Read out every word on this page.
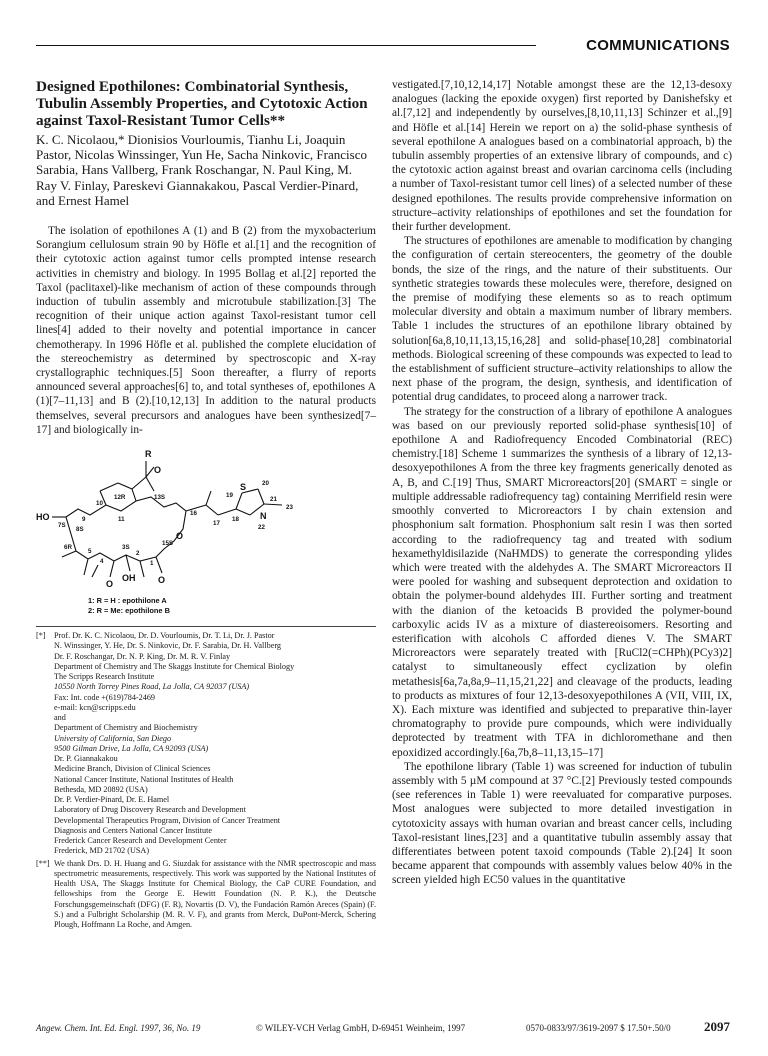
COMMUNICATIONS
Designed Epothilones: Combinatorial Synthesis, Tubulin Assembly Properties, and Cytotoxic Action against Taxol-Resistant Tumor Cells**

K. C. Nicolaou,* Dionisios Vourloumis, Tianhu Li, Joaquin Pastor, Nicolas Winssinger, Yun He, Sacha Ninkovic, Francisco Sarabia, Hans Vallberg, Frank Roschangar, N. Paul King, M. Ray V. Finlay, Pareskevi Giannakakou, Pascal Verdier-Pinard, and Ernest Hamel

The isolation of epothilones A (1) and B (2) from the myxobacterium Sorangium cellulosum strain 90 by Höfle et al.[1] and the recognition of their cytotoxic action against tumor cells prompted intense research activities in chemistry and biology. In 1995 Bollag et al.[2] reported the Taxol (paclitaxel)-like mechanism of action of these compounds through induction of tubulin assembly and microtubule stabilization.[3] The recognition of their unique action against Taxol-resistant tumor cell lines[4] added to their novelty and potential importance in cancer chemotherapy. In 1996 Höfle et al. published the complete elucidation of the stereochemistry as determined by spectroscopic and X-ray crystallographic techniques.[5] Soon thereafter, a flurry of reports announced several approaches[6] to, and total syntheses of, epothilones A (1)[7–11,13] and B (2).[10,12,13] In addition to the natural products themselves, several precursors and analogues have been synthesized[7–17] and biologically in-

R
O
S
N
HO
OH
O
O	O
12R	13S
15S
16
17
18
19
20
21
22
23
10
9	11
8S
7S
6R
5
4
3S
2
1
1: R = H : epothilone A
2: R = Me: epothilone B
[*]	Prof. Dr. K. C. Nicolaou, Dr. D. Vourloumis, Dr. T. Li, Dr. J. Pastor
N. Winssinger, Y. He, Dr. S. Ninkovic, Dr. F. Sarabia, Dr. H. Vallberg
Dr. F. Roschangar, Dr. N. P. King, Dr. M. R. V. Finlay
Department of Chemistry and The Skaggs Institute for Chemical Biology
The Scripps Research Institute
10550 North Torrey Pines Road, La Jolla, CA 92037 (USA)
Fax: Int. code +(619)784-2469
e-mail: kcn@scripps.edu
and
Department of Chemistry and Biochemistry
University of California, San Diego
9500 Gilman Drive, La Jolla, CA 92093 (USA)
Dr. P. Giannakakou
Medicine Branch, Division of Clinical Sciences
National Cancer Institute, National Institutes of Health
Bethesda, MD 20892 (USA)
Dr. P. Verdier-Pinard, Dr. E. Hamel
Laboratory of Drug Discovery Research and Development
Developmental Therapeutics Program, Division of Cancer Treatment
Diagnosis and Centers National Cancer Institute
Frederick Cancer Research and Development Center
Frederick, MD 21702 (USA)
[**] We thank Drs. D. H. Huang and G. Siuzdak for assistance with the NMR spectroscopic and mass spectrometric measurements, respectively. This work was supported by the National Institutes of Health USA, The Skaggs Institute for Chemical Biology, the CaP CURE Foundation, and fellowships from the George E. Hewitt Foundation (N. P. K.), the Deutsche Forschungsgemeinschaft (DFG) (F. R), Novartis (D. V), the Fundación Ramón Areces (Spain) (F. S.) and a Fulbright Scholarship (M. R. V. F), and grants from Merck, DuPont-Merck, Schering Plough, Hoffmann La Roche, and Amgen.

vestigated.[7,10,12,14,17] Notable amongst these are the 12,13-desoxy analogues (lacking the epoxide oxygen) first reported by Danishefsky et al.[7,12] and independently by ourselves,[8,10,11,13] Schinzer et al.,[9] and Höfle et al.[14] Herein we report on a) the solid-phase synthesis of several epothilone A analogues based on a combinatorial approach, b) the tubulin assembly properties of an extensive library of compounds, and c) the cytotoxic action against breast and ovarian carcinoma cells (including a number of Taxol-resistant tumor cell lines) of a selected number of these designed epothilones. The results provide comprehensive information on structure–activity relationships of epothilones and set the foundation for their further development.

The structures of epothilones are amenable to modification by changing the configuration of certain stereocenters, the geometry of the double bonds, the size of the rings, and the nature of their substituents. Our synthetic strategies towards these molecules were, therefore, designed on the premise of modifying these elements so as to reach optimum molecular diversity and obtain a maximum number of library members. Table 1 includes the structures of an epothilone library obtained by solution[6a,8,10,11,13,15,16,28] and solid-phase[10,28] combinatorial methods. Biological screening of these compounds was expected to lead to the establishment of sufficient structure–activity relationships to allow the next phase of the program, the design, synthesis, and identification of potential drug candidates, to proceed along a narrower track.

The strategy for the construction of a library of epothilone A analogues was based on our previously reported solid-phase synthesis[10] of epothilone A and Radiofrequency Encoded Combinatorial (REC) chemistry.[18] Scheme 1 summarizes the synthesis of a library of 12,13-desoxyepothilones A from the three key fragments generically denoted as A, B, and C.[19] Thus, SMART Microreactors[20] (SMART = single or multiple addressable radiofrequency tag) containing Merrifield resin were smoothly converted to Microreactors I by chain extension and phosphonium salt formation. Phosphonium salt resin I was then sorted according to the radiofrequency tag and treated with sodium hexamethyldisilazide (NaHMDS) to generate the corresponding ylides which were treated with the aldehydes A. The SMART Microreactors II were pooled for washing and subsequent deprotection and oxidation to obtain the polymer-bound aldehydes III. Further sorting and treatment with the dianion of the ketoacids B provided the polymer-bound carboxylic acids IV as a mixture of diastereoisomers. Resorting and esterification with alcohols C afforded dienes V. The SMART Microreactors were separately treated with [RuCl2(=CHPh)(PCy3)2] catalyst to simultaneously effect cyclization by olefin metathesis[6a,7a,8a,9–11,15,21,22] and cleavage of the products, leading to products as mixtures of four 12,13-desoxyepothilones A (VII, VIII, IX, X). Each mixture was identified and subjected to preparative thin-layer chromatography to provide pure compounds, which were individually deprotected by treatment with TFA in dichloromethane and then epoxidized accordingly.[6a,7b,8–11,13,15–17]

The epothilone library (Table 1) was screened for induction of tubulin assembly with 5 µM compound at 37 °C.[2] Previously tested compounds (see references in Table 1) were reevaluated for comparative purposes. Most analogues were subjected to more detailed investigation in cytotoxicity assays with human ovarian and breast cancer cells, including Taxol-resistant lines,[23] and a quantitative tubulin assembly assay that differentiates between potent taxoid compounds (Table 2).[24] It soon became apparent that compounds with assembly values below 40% in the screen yielded high EC50 values in the quantitative

Angew. Chem. Int. Ed. Engl. 1997, 36, No. 19	© WILEY-VCH Verlag GmbH, D-69451 Weinheim, 1997	0570-0833/97/3619-2097 $ 17.50+.50/0	2097
